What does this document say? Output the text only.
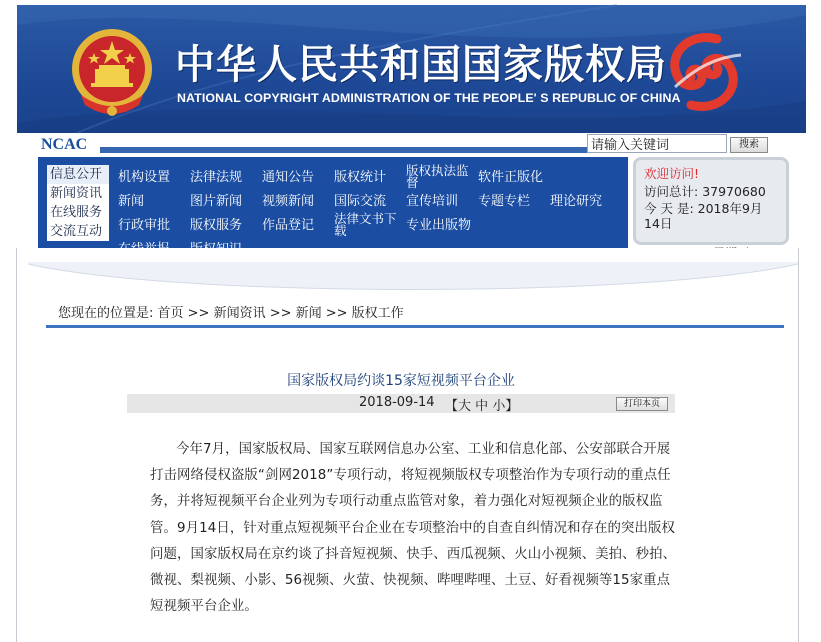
中华人民共和国国家版权局
NATIONAL COPYRIGHT ADMINISTRATION OF THE PEOPLE' S REPUBLIC OF CHINA
NCAC
请输入关键词	搜索
信息公开
新闻资讯
在线服务
交流互动
机构设置	法律法规	通知公告	版权统计	版权执法监督	软件正版化
新闻	图片新闻	视频新闻	国际交流	宣传培训	专题专栏	理论研究
行政审批	版权服务	作品登记	法律文书下载	专业出版物
欢迎访问!
访问总计: 37970680
今 天 是: 2018年9月14日
您现在的位置是: 首页 >> 新闻资讯 >> 新闻 >> 版权工作
国家版权局约谈15家短视频平台企业
2018-09-14 【大 中 小】	打印本页
今年7月，国家版权局、国家互联网信息办公室、工业和信息化部、公安部联合开展打击网络侵权盗版“剑网2018”专项行动，将短视频版权专项整治作为专项行动的重点任务，并将短视频平台企业列为专项行动重点监管对象，着力强化对短视频企业的版权监管。9月14日，针对重点短视频平台企业在专项整治中的自查自纠情况和存在的突出版权问题，国家版权局在京约谈了抖音短视频、快手、西瓜视频、火山小视频、美拍、秒拍、微视、梨视频、小影、56视频、火萤、快视频、哔哩哔哩、土豆、好看视频等15家重点短视频平台企业。
